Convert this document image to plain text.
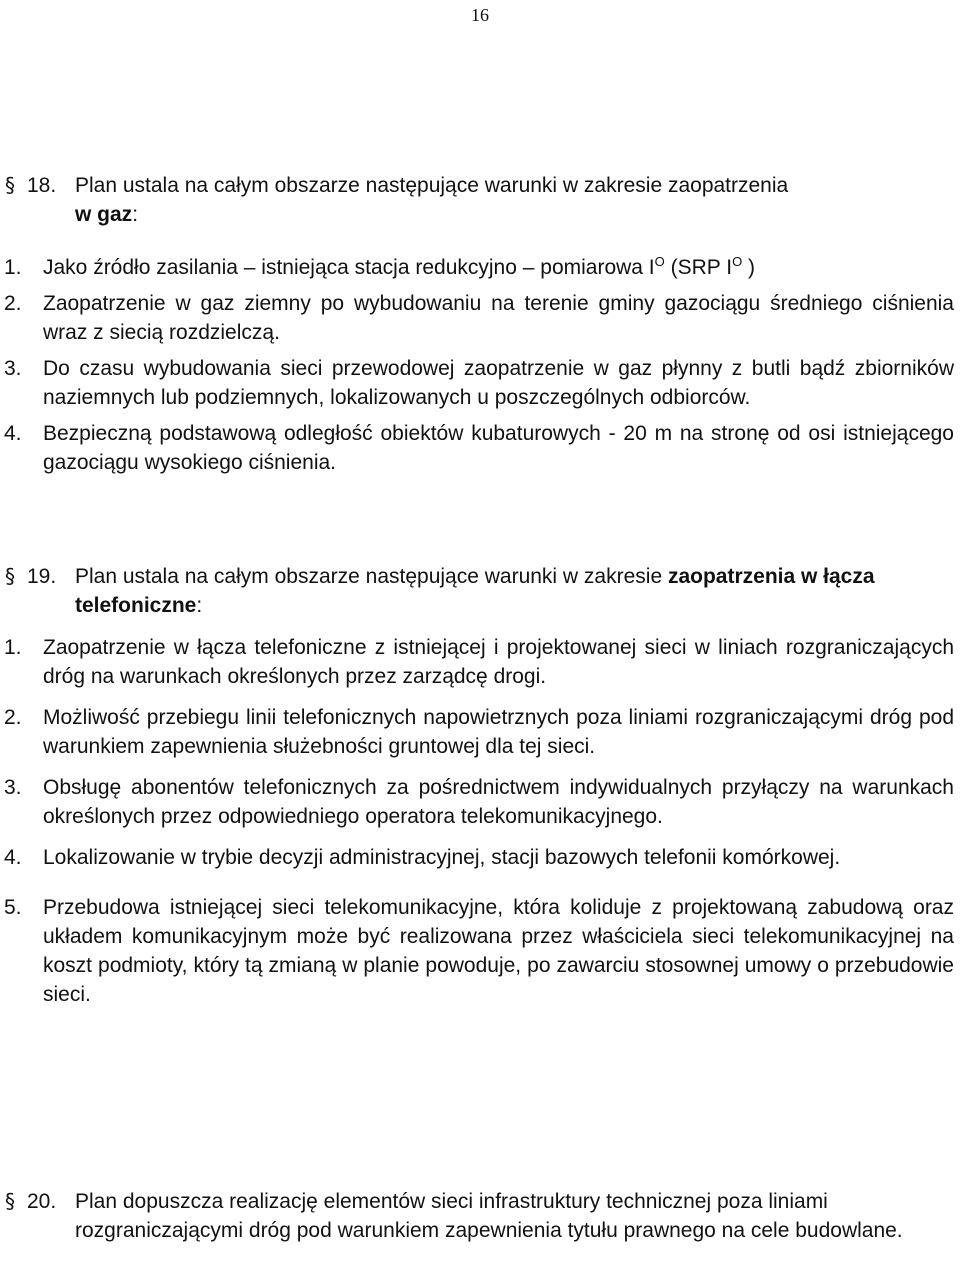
16
§ 18. Plan ustala na całym obszarze następujące warunki w zakresie zaopatrzenia
w gaz:
1. Jako źródło zasilania – istniejąca stacja redukcyjno – pomiarowa $I^O$ (SRP $I^O$ )
2. Zaopatrzenie w gaz ziemny po wybudowaniu na terenie gminy gazociągu średniego ciśnienia wraz z siecią rozdzielczą.
3. Do czasu wybudowania sieci przewodowej zaopatrzenie w gaz płynny z butli bądź zbiorników naziemnych lub podziemnych, lokalizowanych u poszczególnych odbiorców.
4. Bezpieczną podstawową odległość obiektów kubaturowych - 20 m na stronę od osi istniejącego gazociągu wysokiego ciśnienia.
§ 19. Plan ustala na całym obszarze następujące warunki w zakresie zaopatrzenia w łącza telefoniczne:
1. Zaopatrzenie w łącza telefoniczne z istniejącej i projektowanej sieci w liniach rozgraniczających dróg na warunkach określonych przez zarządcę drogi.
2. Możliwość przebiegu linii telefonicznych napowietrznych poza liniami rozgraniczającymi dróg pod warunkiem zapewnienia służebności gruntowej dla tej sieci.
3. Obsługę abonentów telefonicznych za pośrednictwem indywidualnych przyłączy na warunkach określonych przez odpowiedniego operatora telekomunikacyjnego.
4. Lokalizowanie w trybie decyzji administracyjnej, stacji bazowych telefonii komórkowej.
5. Przebudowa istniejącej sieci telekomunikacyjne, która koliduje z projektowaną zabudową oraz układem komunikacyjnym może być realizowana przez właściciela sieci telekomunikacyjnej na koszt podmioty, który tą zmianą w planie powoduje, po zawarciu stosownej umowy o przebudowie sieci.
§ 20. Plan dopuszcza realizację elementów sieci infrastruktury technicznej poza liniami rozgraniczającymi dróg pod warunkiem zapewnienia tytułu prawnego na cele budowlane.
